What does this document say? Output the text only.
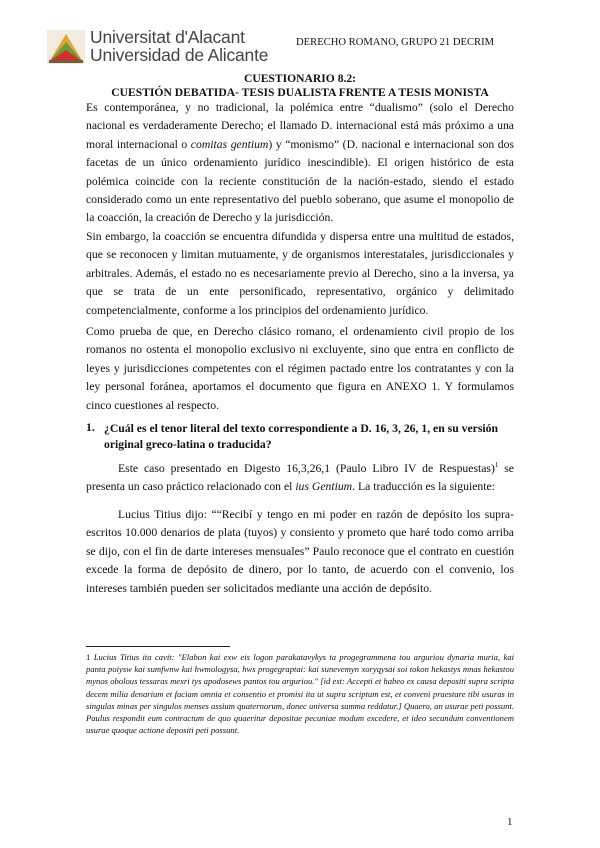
Universitat d'Alacant
Universidad de Alicante
DERECHO ROMANO, GRUPO 21 DECRIM
CUESTIONARIO 8.2:
CUESTIÓN DEBATIDA- TESIS DUALISTA FRENTE A TESIS MONISTA
Es contemporánea, y no tradicional, la polémica entre “dualismo” (solo el Derecho nacional es verdaderamente Derecho; el llamado D. internacional está más próximo a una moral internacional o comitas gentium) y “monismo” (D. nacional e internacional son dos facetas de un único ordenamiento jurídico inescindible). El origen histórico de esta polémica coincide con la reciente constitución de la nación-estado, siendo el estado considerado como un ente representativo del pueblo soberano, que asume el monopolio de la coacción, la creación de Derecho y la jurisdicción.
Sin embargo, la coacción se encuentra difundida y dispersa entre una multitud de estados, que se reconocen y limitan mutuamente, y de organismos interestatales, jurisdiccionales y arbitrales. Además, el estado no es necesariamente previo al Derecho, sino a la inversa, ya que se trata de un ente personificado, representativo, orgánico y delimitado competencialmente, conforme a los principios del ordenamiento jurídico.
Como prueba de que, en Derecho clásico romano, el ordenamiento civil propio de los romanos no ostenta el monopolio exclusivo ni excluyente, sino que entra en conflicto de leyes y jurisdicciones competentes con el régimen pactado entre los contratantes y con la ley personal foránea, aportamos el documento que figura en ANEXO 1. Y formulamos cinco cuestiones al respecto.
1. ¿Cuál es el tenor literal del texto correspondiente a D. 16, 3, 26, 1, en su versión original greco-latina o traducida?
Este caso presentado en Digesto 16,3,26,1 (Paulo Libro IV de Respuestas)$^1$ se presenta un caso práctico relacionado con el ius Gentium. La traducción es la siguiente:
Lucius Titius dijo: ““Recibí y tengo en mi poder en razón de depósito los supra-escritos 10.000 denarios de plata (tuyos) y consiento y prometo que haré todo como arriba se dijo, con el fin de darte intereses mensuales” Paulo reconoce que el contrato en cuestión excede la forma de depósito de dinero, por lo tanto, de acuerdo con el convenio, los intereses también pueden ser solicitados mediante una acción de depósito.
1 Lucius Titius ita cavit: "Elabon kai exw eis logon parakatavykys ta progegrammena tou arguriou dynaria muria, kai panta poiysw kai sumfwnw kai hwmologysa, hws progegraptai: kai sunevemyn xoryqysai soi tokon hekastys mnas hekastou mynos obolous tessaras mexri tys apodosews pantos tou arguriou." [id est: Accepti et habeo ex causa depositi supra scripta decem milia denarium et faciam omnia et consentio et promisi ita ut supra scriptum est, et conveni praestare tibi usuras in singulas minas per singulos menses assium quaternorum, donec universa summa reddatur.] Quaero, an usurae peti possunt. Paulus respondit eum contractum de quo quaeritur depositae pecuniae modum excedere, et ideo secundum conventionem usurae quoque actione depositi peti possunt.
1
